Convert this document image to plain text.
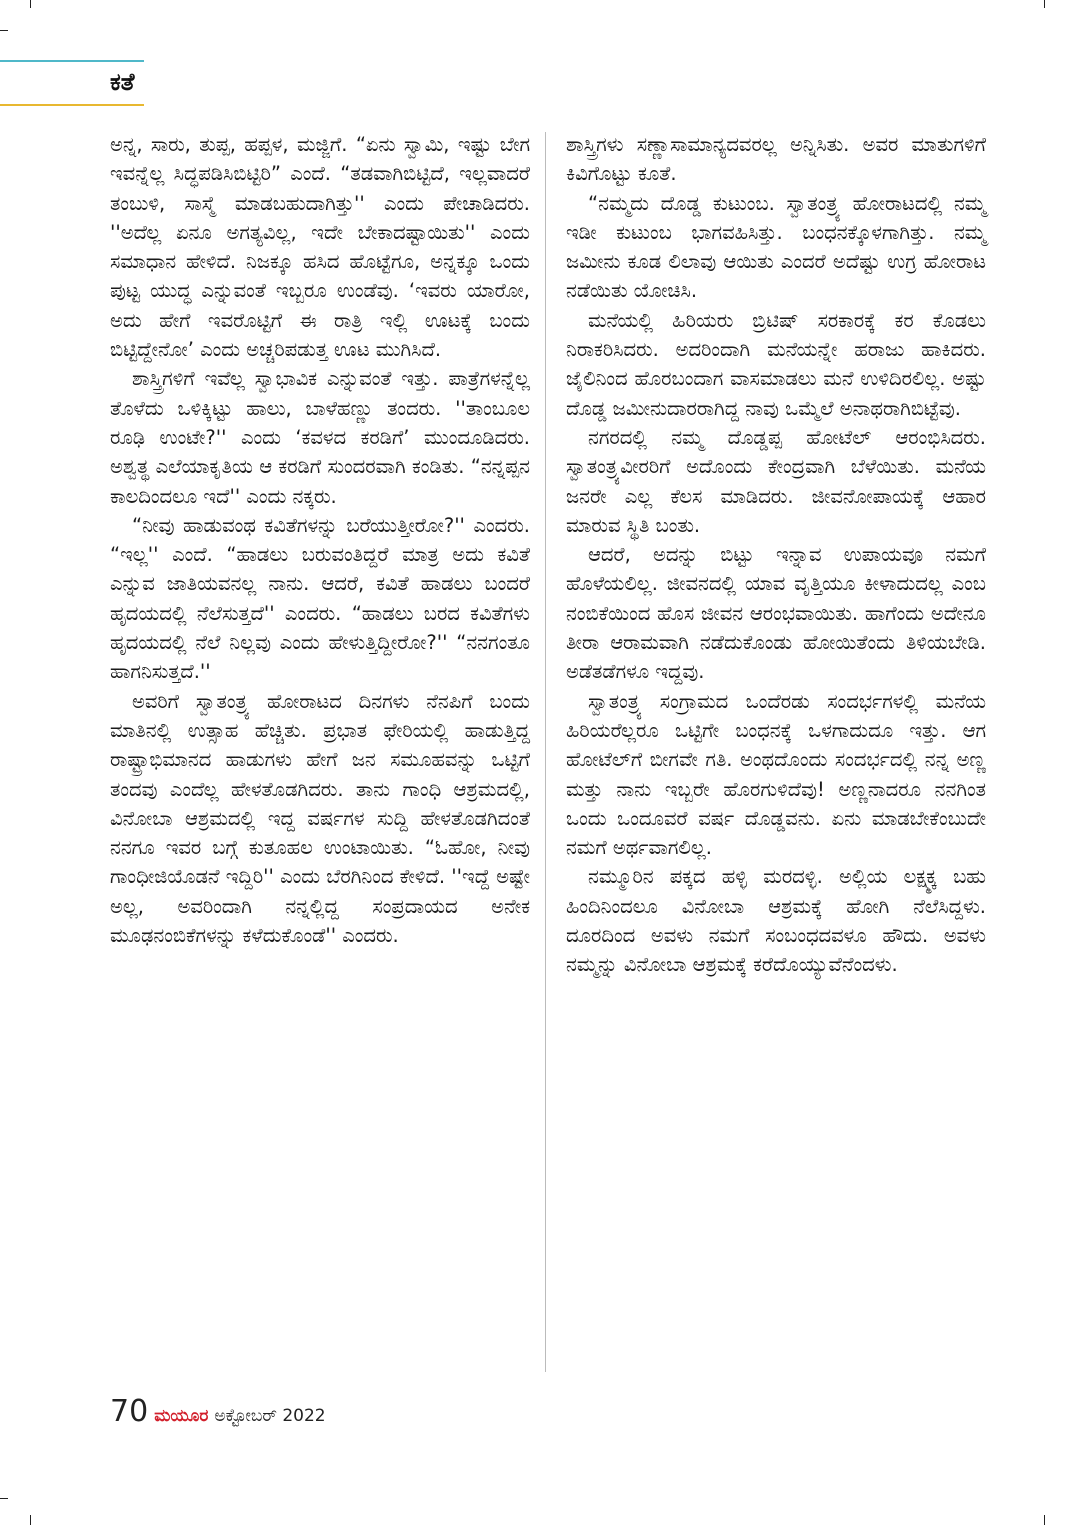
ಕತೆ

ಅನ್ನ, ಸಾರು, ತುಪ್ಪ, ಹಪ್ಪಳ, ಮಜ್ಜಿಗೆ. “ಏನು ಸ್ವಾಮಿ, ಇಷ್ಟು ಬೇಗ ಇವನ್ನೆಲ್ಲ ಸಿದ್ಧಪಡಿಸಿಬಿಟ್ಟಿರಿ” ಎಂದೆ. “ತಡವಾಗಿಬಿಟ್ಟಿದೆ, ಇಲ್ಲವಾದರೆ ತಂಬುಳಿ, ಸಾಸ್ಮೆ ಮಾಡಬಹುದಾಗಿತ್ತು'' ಎಂದು ಪೇಚಾಡಿದರು. ''ಅದೆಲ್ಲ ಏನೂ ಅಗತ್ಯವಿಲ್ಲ, ಇದೇ ಬೇಕಾದಷ್ಟಾಯಿತು'' ಎಂದು ಸಮಾಧಾನ ಹೇಳಿದೆ. ನಿಜಕ್ಕೂ ಹಸಿದ ಹೊಟ್ಟೆಗೂ, ಅನ್ನಕ್ಕೂ ಒಂದು ಪುಟ್ಟ ಯುದ್ಧ ಎನ್ನುವಂತೆ ಇಬ್ಬರೂ ಉಂಡೆವು. ‘ಇವರು ಯಾರೋ, ಅದು ಹೇಗೆ ಇವರೊಟ್ಟಿಗೆ ಈ ರಾತ್ರಿ ಇಲ್ಲಿ ಊಟಕ್ಕೆ ಬಂದು ಬಿಟ್ಟಿದ್ದೇನೋ’ ಎಂದು ಅಚ್ಚರಿಪಡುತ್ತ ಊಟ ಮುಗಿಸಿದೆ.

ಶಾಸ್ತ್ರಿಗಳಿಗೆ ಇವೆಲ್ಲ ಸ್ವಾಭಾವಿಕ ಎನ್ನುವಂತೆ ಇತ್ತು. ಪಾತ್ರೆಗಳನ್ನೆಲ್ಲ ತೊಳೆದು ಒಳಿಕ್ಕಿಟ್ಟು ಹಾಲು, ಬಾಳೆಹಣ್ಣು ತಂದರು. ''ತಾಂಬೂಲ ರೂಢಿ ಉಂಟೇ?'' ಎಂದು ‘ಕವಳದ ಕರಡಿಗೆ’ ಮುಂದೂಡಿದರು. ಅಶ್ವತ್ಥ ಎಲೆಯಾಕೃತಿಯ ಆ ಕರಡಿಗೆ ಸುಂದರವಾಗಿ ಕಂಡಿತು. “ನನ್ನಪ್ಪನ ಕಾಲದಿಂದಲೂ ಇದೆ'' ಎಂದು ನಕ್ಕರು.

“ನೀವು ಹಾಡುವಂಥ ಕವಿತೆಗಳನ್ನು ಬರೆಯುತ್ತೀರೋ?'' ಎಂದರು. “ಇಲ್ಲ'' ಎಂದೆ. “ಹಾಡಲು ಬರುವಂತಿದ್ದರೆ ಮಾತ್ರ ಅದು ಕವಿತೆ ಎನ್ನುವ ಜಾತಿಯವನಲ್ಲ ನಾನು. ಆದರೆ, ಕವಿತೆ ಹಾಡಲು ಬಂದರೆ ಹೃದಯದಲ್ಲಿ ನೆಲೆಸುತ್ತದೆ'' ಎಂದರು. “ಹಾಡಲು ಬರದ ಕವಿತೆಗಳು ಹೃದಯದಲ್ಲಿ ನೆಲೆ ನಿಲ್ಲವು ಎಂದು ಹೇಳುತ್ತಿದ್ದೀರೋ?'' “ನನಗಂತೂ ಹಾಗನಿಸುತ್ತದೆ.''

ಅವರಿಗೆ ಸ್ವಾತಂತ್ರ್ಯ ಹೋರಾಟದ ದಿನಗಳು ನೆನಪಿಗೆ ಬಂದು ಮಾತಿನಲ್ಲಿ ಉತ್ಸಾಹ ಹೆಚ್ಚಿತು. ಪ್ರಭಾತ ಫೇರಿಯಲ್ಲಿ ಹಾಡುತ್ತಿದ್ದ ರಾಷ್ಟ್ರಾಭಿಮಾನದ ಹಾಡುಗಳು ಹೇಗೆ ಜನ ಸಮೂಹವನ್ನು ಒಟ್ಟಿಗೆ ತಂದವು ಎಂದೆಲ್ಲ ಹೇಳತೊಡಗಿದರು. ತಾನು ಗಾಂಧಿ ಆಶ್ರಮದಲ್ಲಿ, ವಿನೋಬಾ ಆಶ್ರಮದಲ್ಲಿ ಇದ್ದ ವರ್ಷಗಳ ಸುದ್ದಿ ಹೇಳತೊಡಗಿದಂತೆ ನನಗೂ ಇವರ ಬಗ್ಗೆ ಕುತೂಹಲ ಉಂಟಾಯಿತು. “ಓಹೋ, ನೀವು ಗಾಂಧೀಜಿಯೊಡನೆ ಇದ್ದಿರಿ'' ಎಂದು ಬೆರಗಿನಿಂದ ಕೇಳಿದೆ. ''ಇದ್ದೆ ಅಷ್ಟೇ ಅಲ್ಲ, ಅವರಿಂದಾಗಿ ನನ್ನಲ್ಲಿದ್ದ ಸಂಪ್ರದಾಯದ ಅನೇಕ ಮೂಢನಂಬಿಕೆಗಳನ್ನು ಕಳೆದುಕೊಂಡೆ'' ಎಂದರು.

ಶಾಸ್ತ್ರಿಗಳು ಸಣ್ಣಾಸಾಮಾನ್ಯದವರಲ್ಲ ಅನ್ನಿಸಿತು. ಅವರ ಮಾತುಗಳಿಗೆ ಕಿವಿಗೊಟ್ಟು ಕೂತೆ.

“ನಮ್ಮದು ದೊಡ್ಡ ಕುಟುಂಬ. ಸ್ವಾತಂತ್ರ್ಯ ಹೋರಾಟದಲ್ಲಿ ನಮ್ಮ ಇಡೀ ಕುಟುಂಬ ಭಾಗವಹಿಸಿತ್ತು. ಬಂಧನಕ್ಕೊಳಗಾಗಿತ್ತು. ನಮ್ಮ ಜಮೀನು ಕೂಡ ಲಿಲಾವು ಆಯಿತು ಎಂದರೆ ಅದೆಷ್ಟು ಉಗ್ರ ಹೋರಾಟ ನಡೆಯಿತು ಯೋಚಿಸಿ.

ಮನೆಯಲ್ಲಿ ಹಿರಿಯರು ಬ್ರಿಟಿಷ್ ಸರಕಾರಕ್ಕೆ ಕರ ಕೊಡಲು ನಿರಾಕರಿಸಿದರು. ಅದರಿಂದಾಗಿ ಮನೆಯನ್ನೇ ಹರಾಜು ಹಾಕಿದರು. ಜೈಲಿನಿಂದ ಹೊರಬಂದಾಗ ವಾಸಮಾಡಲು ಮನೆ ಉಳಿದಿರಲಿಲ್ಲ. ಅಷ್ಟು ದೊಡ್ಡ ಜಮೀನುದಾರರಾಗಿದ್ದ ನಾವು ಒಮ್ಮೆಲೆ ಅನಾಥರಾಗಿಬಿಟ್ಟೆವು.

ನಗರದಲ್ಲಿ ನಮ್ಮ ದೊಡ್ಡಪ್ಪ ಹೋಟೆಲ್ ಆರಂಭಿಸಿದರು. ಸ್ವಾತಂತ್ರ್ಯವೀರರಿಗೆ ಅದೊಂದು ಕೇಂದ್ರವಾಗಿ ಬೆಳೆಯಿತು. ಮನೆಯ ಜನರೇ ಎಲ್ಲ ಕೆಲಸ ಮಾಡಿದರು. ಜೀವನೋಪಾಯಕ್ಕೆ ಆಹಾರ ಮಾರುವ ಸ್ಥಿತಿ ಬಂತು.

ಆದರೆ, ಅದನ್ನು ಬಿಟ್ಟು ಇನ್ನಾವ ಉಪಾಯವೂ ನಮಗೆ ಹೊಳೆಯಲಿಲ್ಲ. ಜೀವನದಲ್ಲಿ ಯಾವ ವೃತ್ತಿಯೂ ಕೀಳಾದುದಲ್ಲ ಎಂಬ ನಂಬಿಕೆಯಿಂದ ಹೊಸ ಜೀವನ ಆರಂಭವಾಯಿತು. ಹಾಗೆಂದು ಅದೇನೂ ತೀರಾ ಆರಾಮವಾಗಿ ನಡೆದುಕೊಂಡು ಹೋಯಿತೆಂದು ತಿಳಿಯಬೇಡಿ. ಅಡೆತಡೆಗಳೂ ಇದ್ದವು.

ಸ್ವಾತಂತ್ರ್ಯ ಸಂಗ್ರಾಮದ ಒಂದೆರಡು ಸಂದರ್ಭಗಳಲ್ಲಿ ಮನೆಯ ಹಿರಿಯರೆಲ್ಲರೂ ಒಟ್ಟಿಗೇ ಬಂಧನಕ್ಕೆ ಒಳಗಾದುದೂ ಇತ್ತು. ಆಗ ಹೋಟೆಲ್‌ಗೆ ಬೀಗವೇ ಗತಿ. ಅಂಥದೊಂದು ಸಂದರ್ಭದಲ್ಲಿ ನನ್ನ ಅಣ್ಣ ಮತ್ತು ನಾನು ಇಬ್ಬರೇ ಹೊರಗುಳಿದೆವು! ಅಣ್ಣನಾದರೂ ನನಗಿಂತ ಒಂದು ಒಂದೂವರೆ ವರ್ಷ ದೊಡ್ಡವನು. ಏನು ಮಾಡಬೇಕೆಂಬುದೇ ನಮಗೆ ಅರ್ಥವಾಗಲಿಲ್ಲ.

ನಮ್ಮೂರಿನ ಪಕ್ಕದ ಹಳ್ಳಿ ಮರದಳ್ಳಿ. ಅಲ್ಲಿಯ ಲಕ್ಷ್ಮಕ್ಕ ಬಹು ಹಿಂದಿನಿಂದಲೂ ವಿನೋಬಾ ಆಶ್ರಮಕ್ಕೆ ಹೋಗಿ ನೆಲೆಸಿದ್ದಳು. ದೂರದಿಂದ ಅವಳು ನಮಗೆ ಸಂಬಂಧದವಳೂ ಹೌದು. ಅವಳು ನಮ್ಮನ್ನು ವಿನೋಬಾ ಆಶ್ರಮಕ್ಕೆ ಕರೆದೊಯ್ಯುವೆನೆಂದಳು.

70 ಮಯೂರ ಅಕ್ಟೋಬರ್ 2022
